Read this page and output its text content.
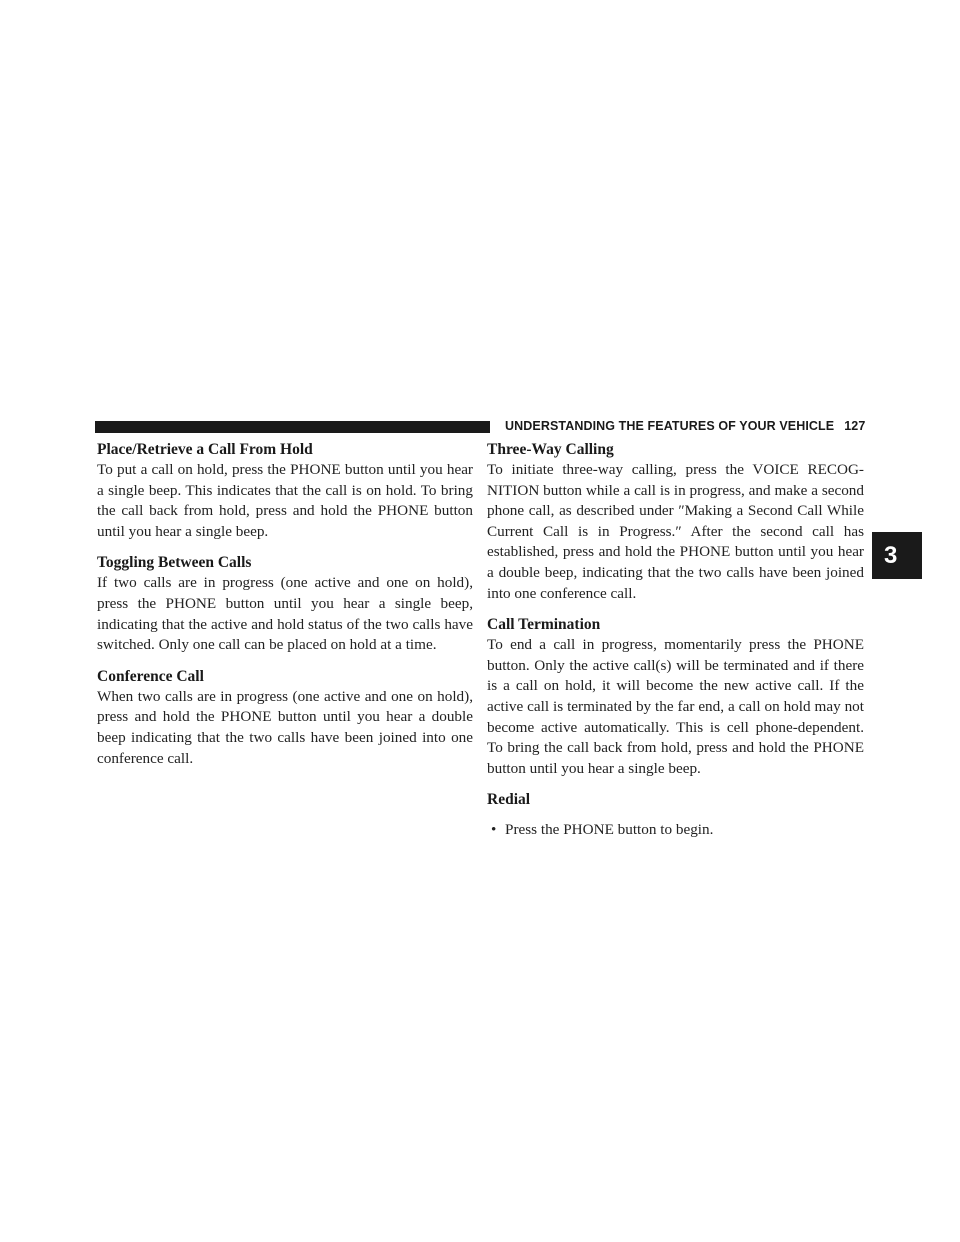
UNDERSTANDING THE FEATURES OF YOUR VEHICLE 127
3
Place/Retrieve a Call From Hold

To put a call on hold, press the PHONE button until you hear a single beep. This indicates that the call is on hold. To bring the call back from hold, press and hold the PHONE button until you hear a single beep.

Toggling Between Calls

If two calls are in progress (one active and one on hold), press the PHONE button until you hear a single beep, indicating that the active and hold status of the two calls have switched. Only one call can be placed on hold at a time.

Conference Call

When two calls are in progress (one active and one on hold), press and hold the PHONE button until you hear a double beep indicating that the two calls have been joined into one conference call.

Three-Way Calling

To initiate three-way calling, press the VOICE RECOG-NITION button while a call is in progress, and make a second phone call, as described under ″Making a Second Call While Current Call is in Progress.″ After the second call has established, press and hold the PHONE button until you hear a double beep, indicating that the two calls have been joined into one conference call.

Call Termination

To end a call in progress, momentarily press the PHONE button. Only the active call(s) will be terminated and if there is a call on hold, it will become the new active call. If the active call is terminated by the far end, a call on hold may not become active automatically. This is cell phone-dependent. To bring the call back from hold, press and hold the PHONE button until you hear a single beep.

Redial
• Press the PHONE button to begin.
